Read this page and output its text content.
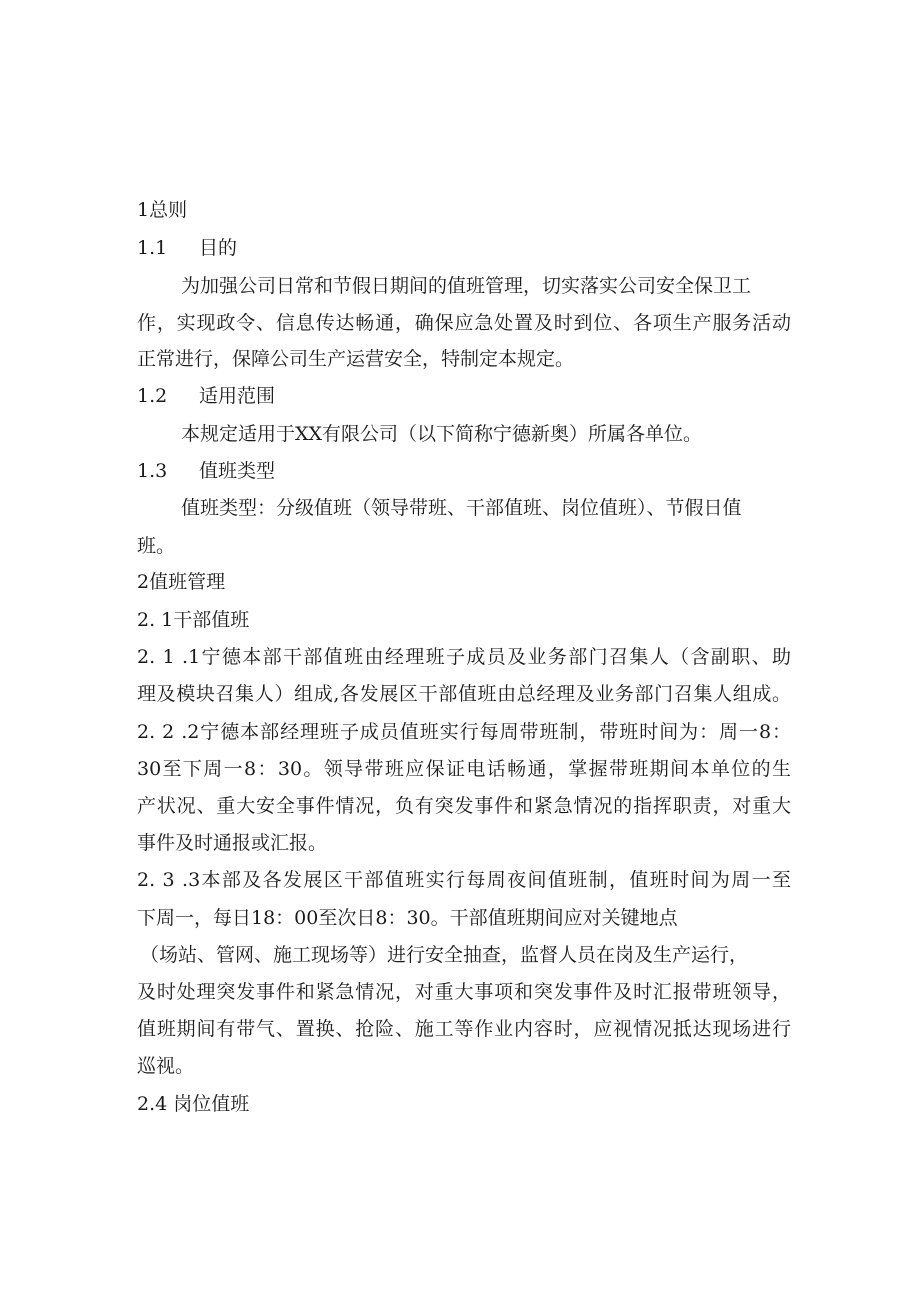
1总则
1.1 目的
为加强公司日常和节假日期间的值班管理，切实落实公司安全保卫工
作，实现政令、信息传达畅通，确保应急处置及时到位、各项生产服务活动
正常进行，保障公司生产运营安全，特制定本规定。
1.2 适用范围
本规定适用于XX有限公司（以下简称宁德新奥）所属各单位。
1.3 值班类型
值班类型：分级值班（领导带班、干部值班、岗位值班）、节假日值
班。
2值班管理
2. 1干部值班
2. 1 .1宁德本部干部值班由经理班子成员及业务部门召集人（含副职、助
理及模块召集人）组成,各发展区干部值班由总经理及业务部门召集人组成。
2. 2 .2宁德本部经理班子成员值班实行每周带班制，带班时间为：周一8：
30至下周一8：30。领导带班应保证电话畅通，掌握带班期间本单位的生
产状况、重大安全事件情况，负有突发事件和紧急情况的指挥职责，对重大
事件及时通报或汇报。
2. 3 .3本部及各发展区干部值班实行每周夜间值班制，值班时间为周一至
下周一，每日18：00至次日8：30。干部值班期间应对关键地点
（场站、管网、施工现场等）进行安全抽查，监督人员在岗及生产运行，
及时处理突发事件和紧急情况，对重大事项和突发事件及时汇报带班领导，
值班期间有带气、置换、抢险、施工等作业内容时，应视情况抵达现场进行
巡视。
2.4 岗位值班
